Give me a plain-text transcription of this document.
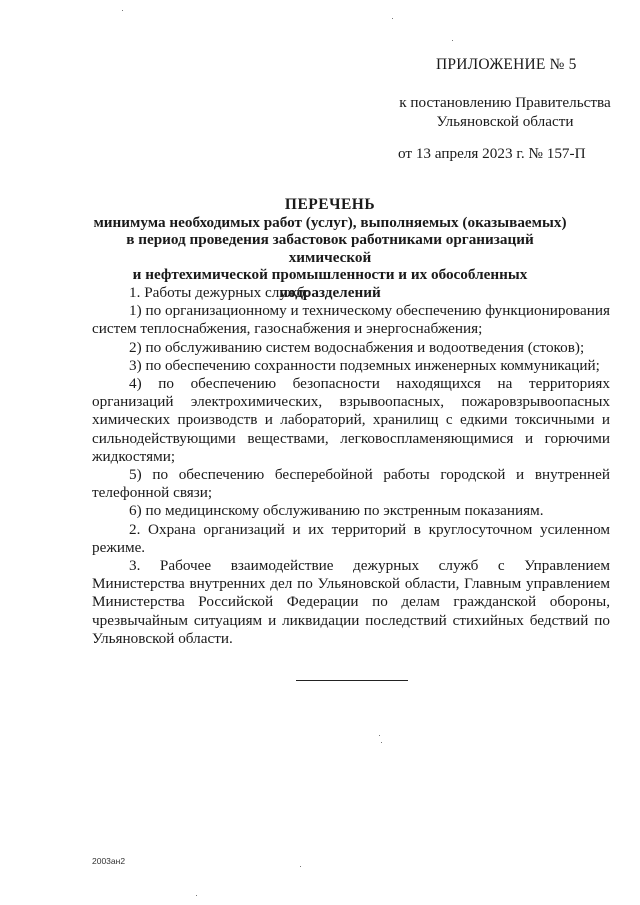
ПРИЛОЖЕНИЕ № 5
к постановлению Правительства
Ульяновской области
от 13 апреля 2023 г. № 157-П
ПЕРЕЧЕНЬ
минимума необходимых работ (услуг), выполняемых (оказываемых)
в период проведения забастовок работниками организаций химической
и нефтехимической промышленности и их обособленных подразделений

1. Работы дежурных служб:

1) по организационному и техническому обеспечению функционирования систем теплоснабжения, газоснабжения и энергоснабжения;

2) по обслуживанию систем водоснабжения и водоотведения (стоков);

3) по обеспечению сохранности подземных инженерных коммуникаций;

4) по обеспечению безопасности находящихся на территориях организаций электрохимических, взрывоопасных, пожаровзрывоопасных химических производств и лабораторий, хранилищ с едкими токсичными и сильнодействующими веществами, легковоспламеняющимися и горючими жидкостями;

5) по обеспечению бесперебойной работы городской и внутренней телефонной связи;

6) по медицинскому обслуживанию по экстренным показаниям.

2. Охрана организаций и их территорий в круглосуточном усиленном режиме.

3. Рабочее взаимодействие дежурных служб с Управлением Министерства внутренних дел по Ульяновской области, Главным управлением Министерства Российской Федерации по делам гражданской обороны, чрезвычайным ситуациям и ликвидации последствий стихийных бедствий по Ульяновской области.

2003ан2
